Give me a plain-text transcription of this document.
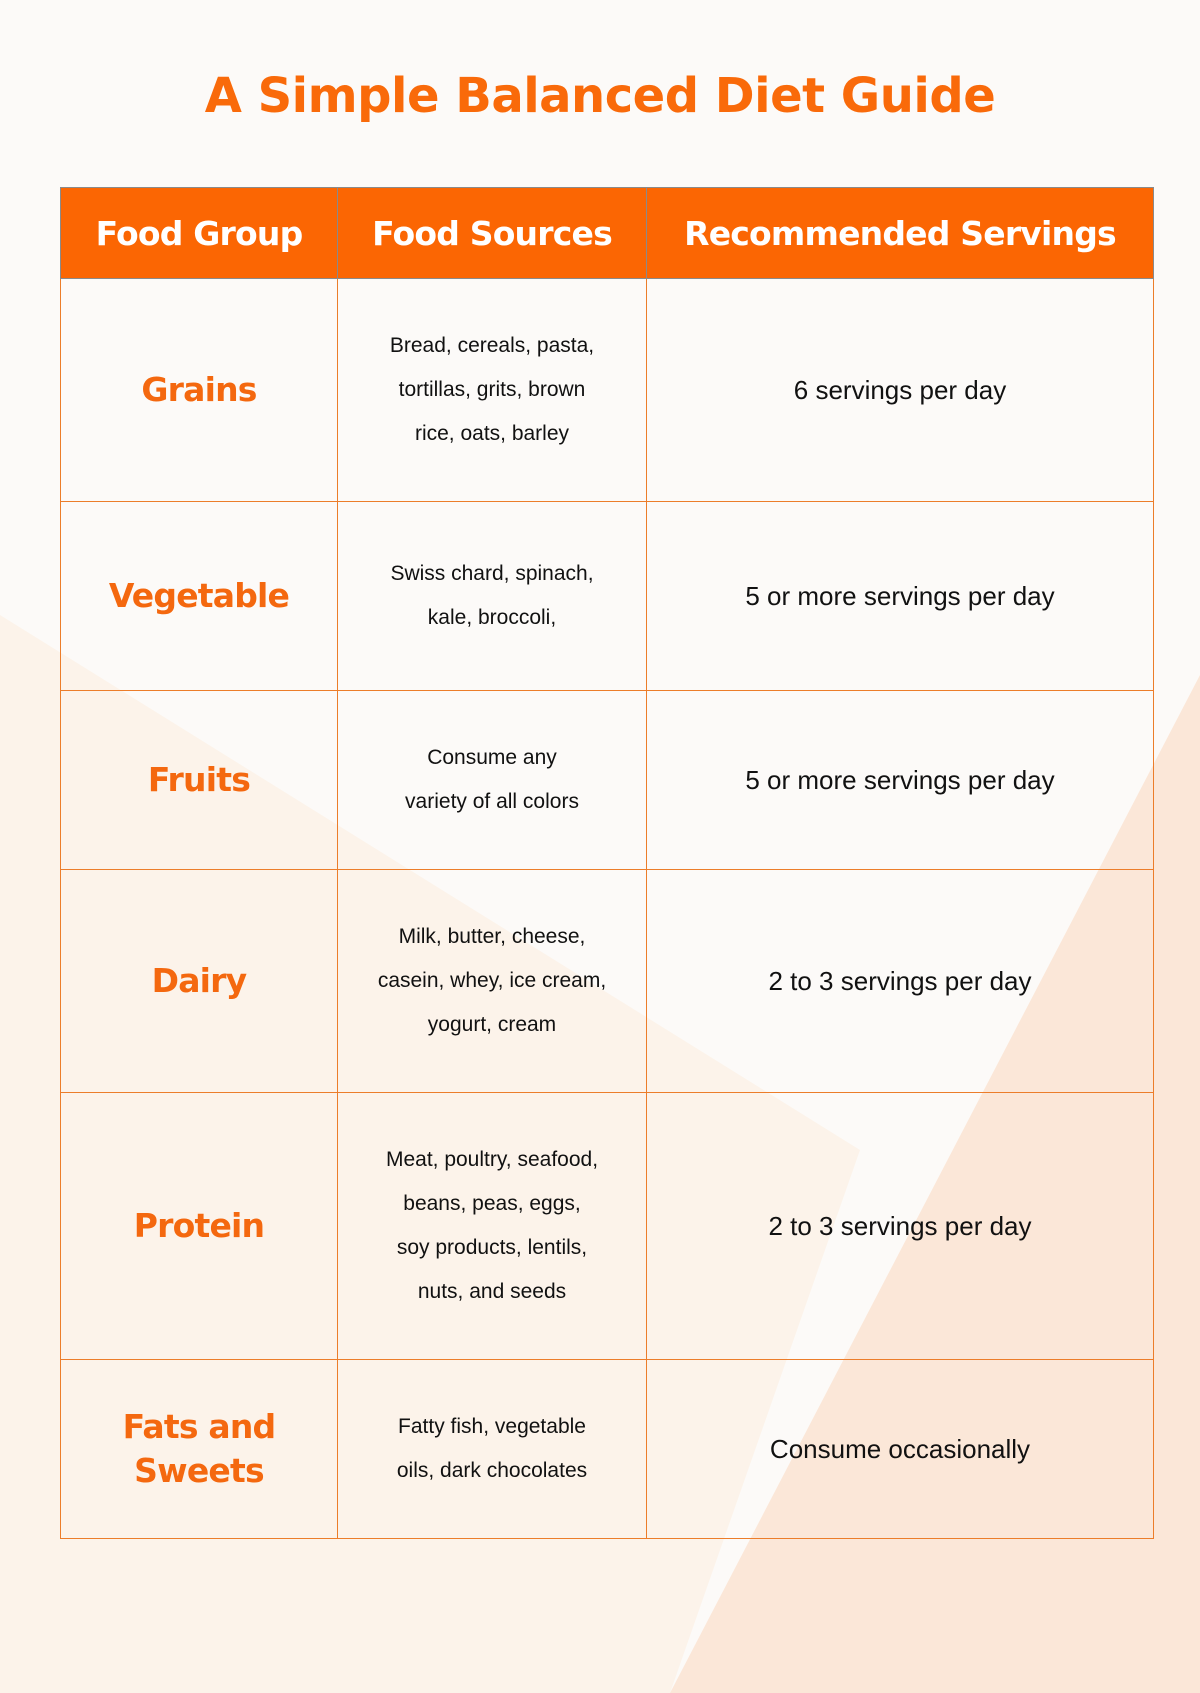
A Simple Balanced Diet Guide
Food Group	Food Sources	Recommended Servings

Grains	Bread, cereals, pasta,
tortillas, grits, brown
rice, oats, barley	6 servings per day

Vegetable	Swiss chard, spinach,
kale, broccoli,	5 or more servings per day

Fruits	Consume any
variety of all colors	5 or more servings per day

Dairy	Milk, butter, cheese,
casein, whey, ice cream,
yogurt, cream	2 to 3 servings per day

Protein	Meat, poultry, seafood,
beans, peas, eggs,
soy products, lentils,
nuts, and seeds	2 to 3 servings per day

Fats and
Sweets	Fatty fish, vegetable
oils, dark chocolates	Consume occasionally
